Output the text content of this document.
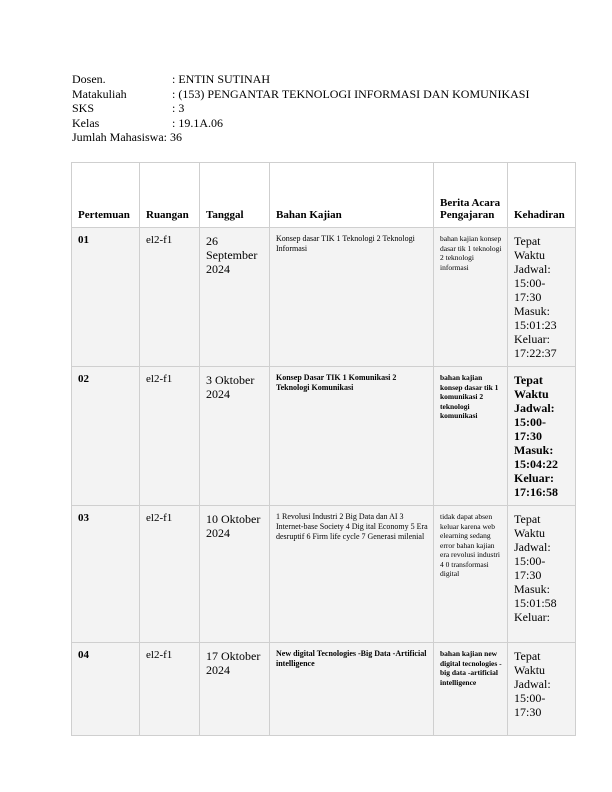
Dosen.	: ENTIN SUTINAH
Matakuliah	: (153) PENGANTAR TEKNOLOGI INFORMASI DAN KOMUNIKASI
SKS	: 3
Kelas	: 19.1A.06
Jumlah Mahasiswa : 36
Pertemuan	Ruangan	Tanggal	Bahan Kajian	Berita Acara Pengajaran	Kehadiran
01	el2-f1	26 September 2024	Konsep dasar TIK 1 Teknologi 2 Teknologi Informasi	bahan kajian konsep dasar tik 1 teknologi 2 teknologi informasi	Tepat Waktu Jadwal: 15:00-17:30 Masuk: 15:01:23 Keluar: 17:22:37
02	el2-f1	3 Oktober 2024	Konsep Dasar TIK 1 Komunikasi 2 Teknologi Komunikasi	bahan kajian konsep dasar tik 1 komunikasi 2 teknologi komunikasi	Tepat Waktu Jadwal: 15:00-17:30 Masuk: 15:04:22 Keluar: 17:16:58
03	el2-f1	10 Oktober 2024	1 Revolusi Industri 2 Big Data dan AI 3 Internet-base Society 4 Dig ital Economy 5 Era desruptif 6 Firm life cycle 7 Generasi milenial	tidak dapat absen keluar karena web elearning sedang error bahan kajian era revolusi industri 4 0 transformasi digital	Tepat Waktu Jadwal: 15:00-17:30 Masuk: 15:01:58 Keluar:
04	el2-f1	17 Oktober 2024	New digital Tecnologies -Big Data -Artificial intelligence	bahan kajian new digital tecnologies -big data -artificial intelligence	Tepat Waktu Jadwal: 15:00-17:30
